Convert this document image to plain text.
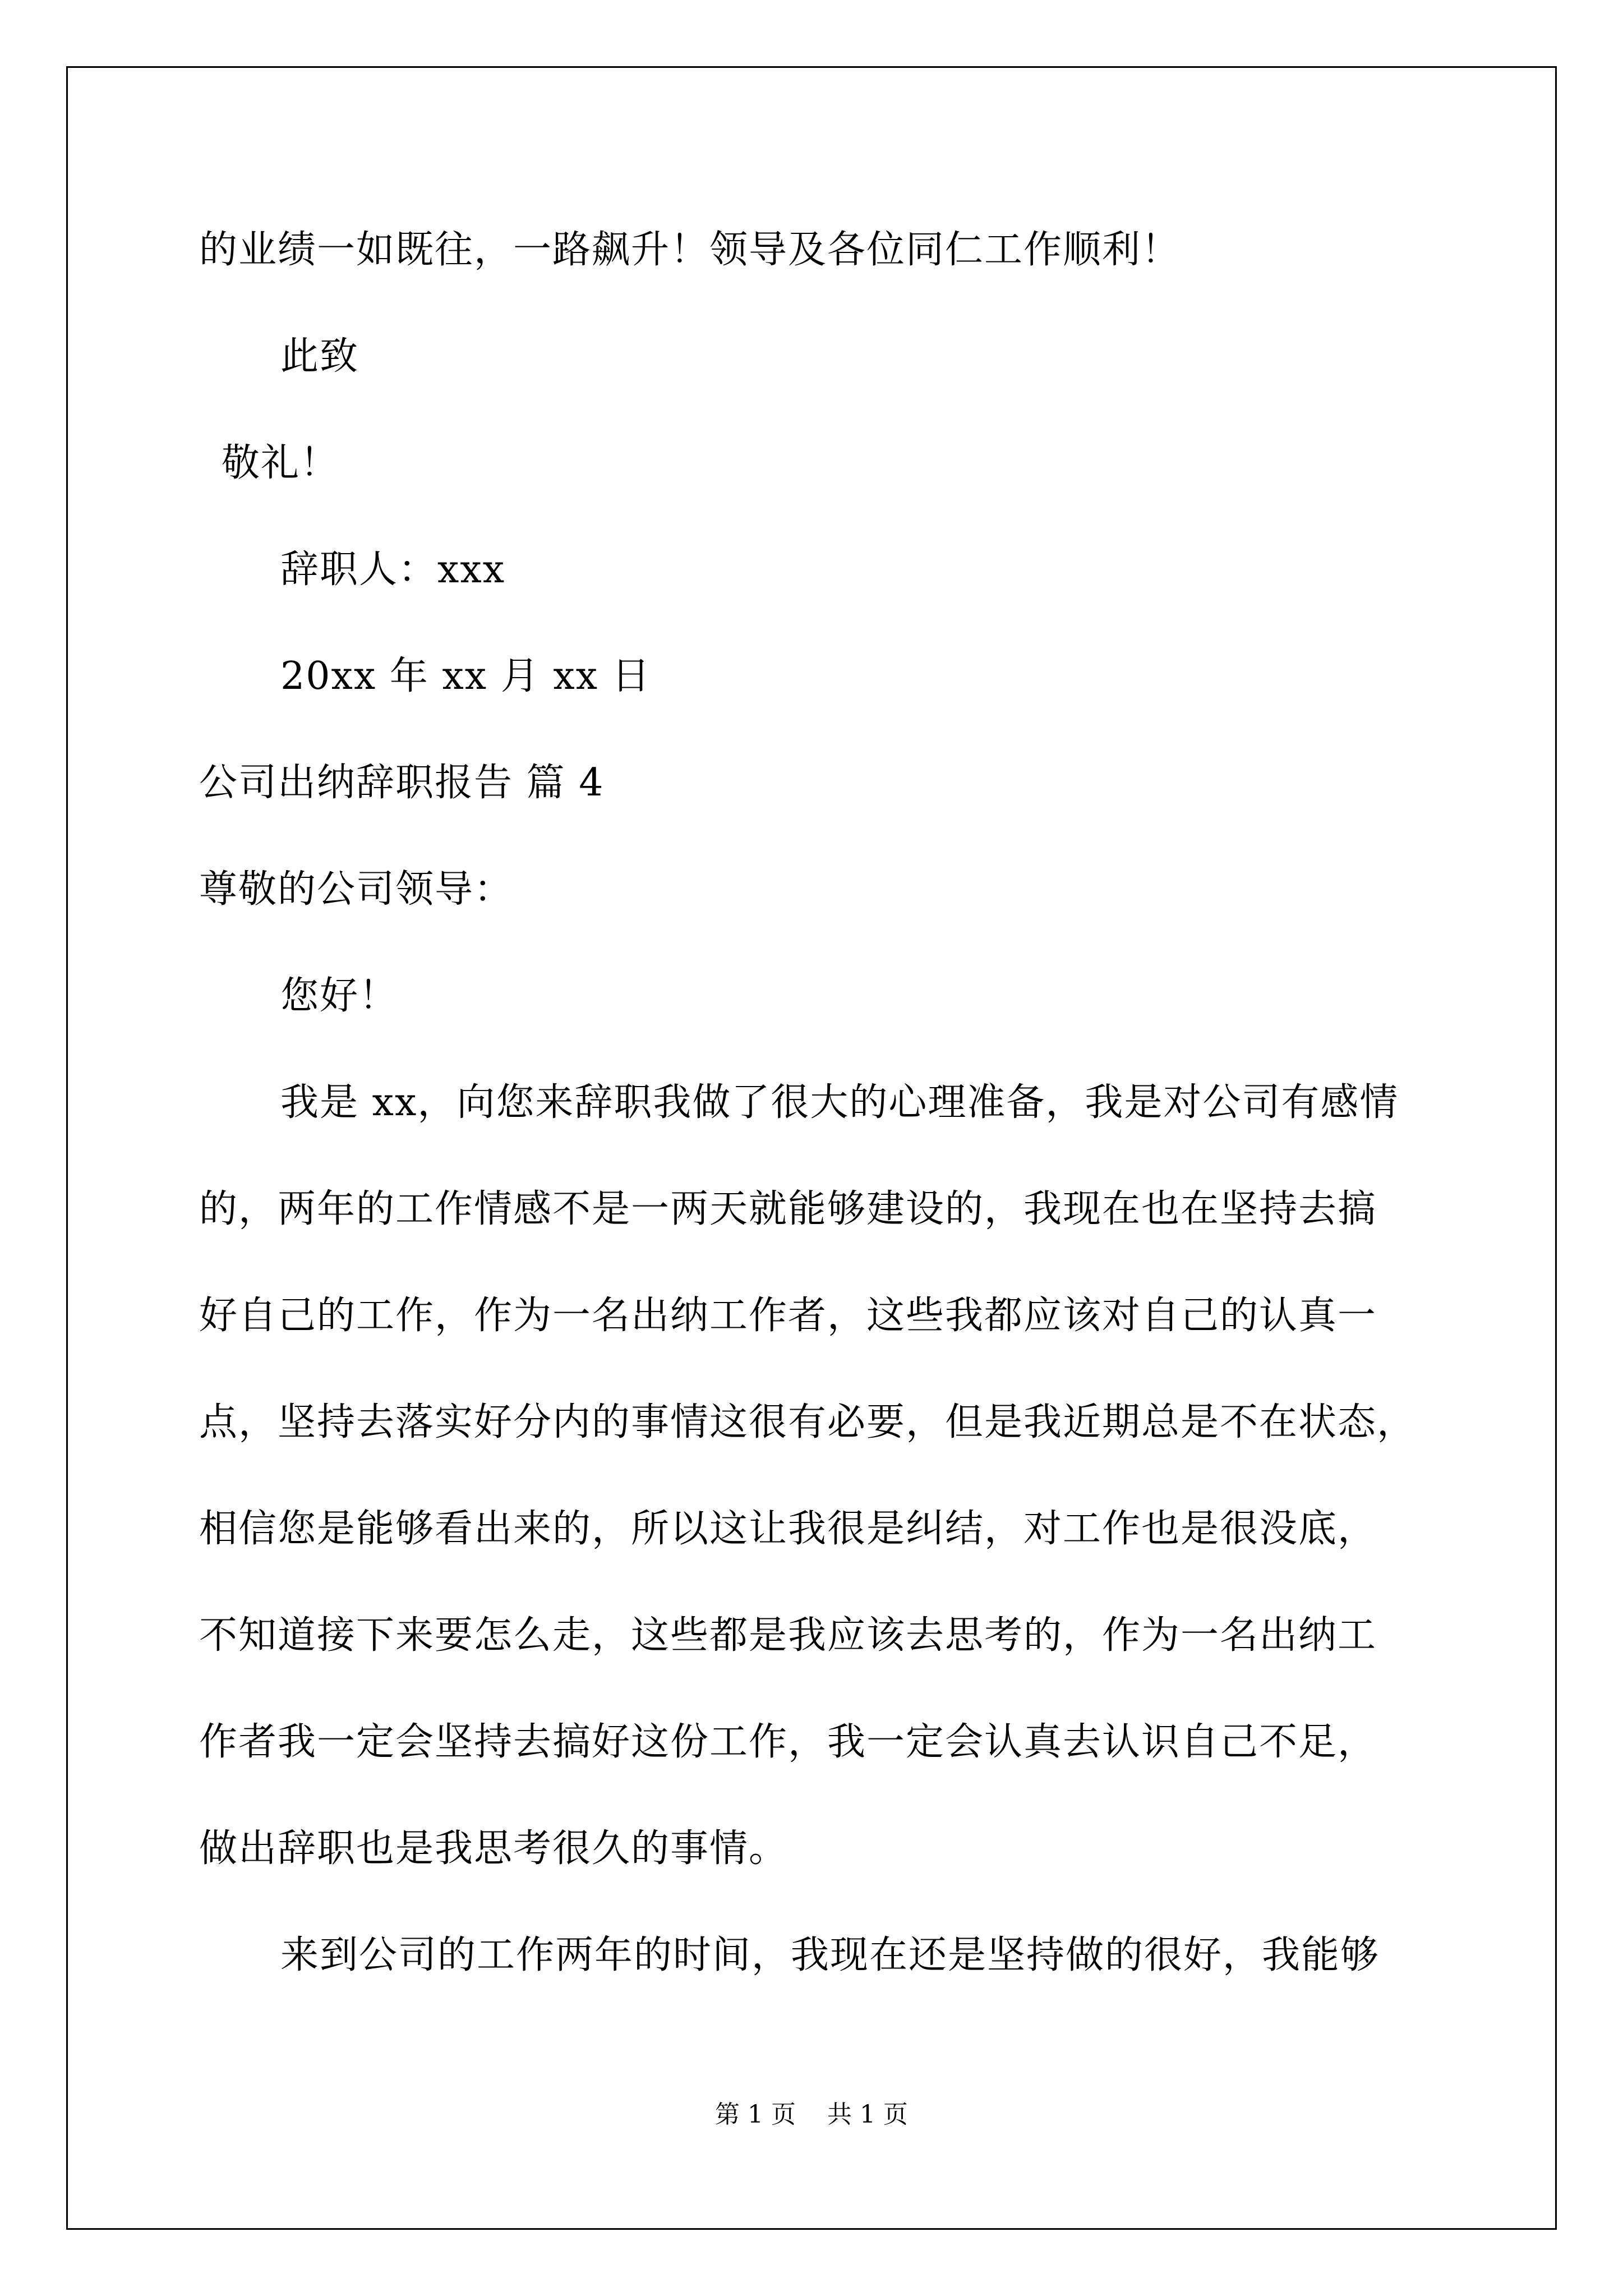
的业绩一如既往，一路飙升！领导及各位同仁工作顺利！
此致
敬礼！
辞职人：xxx
20xx 年 xx 月 xx 日
公司出纳辞职报告 篇 4
尊敬的公司领导：
您好！
我是 xx，向您来辞职我做了很大的心理准备，我是对公司有感情
的，两年的工作情感不是一两天就能够建设的，我现在也在坚持去搞
好自己的工作，作为一名出纳工作者，这些我都应该对自己的认真一
点，坚持去落实好分内的事情这很有必要，但是我近期总是不在状态，
相信您是能够看出来的，所以这让我很是纠结，对工作也是很没底，
不知道接下来要怎么走，这些都是我应该去思考的，作为一名出纳工
作者我一定会坚持去搞好这份工作，我一定会认真去认识自己不足，
做出辞职也是我思考很久的事情。
来到公司的工作两年的时间，我现在还是坚持做的很好，我能够
第 1 页    共 1 页
